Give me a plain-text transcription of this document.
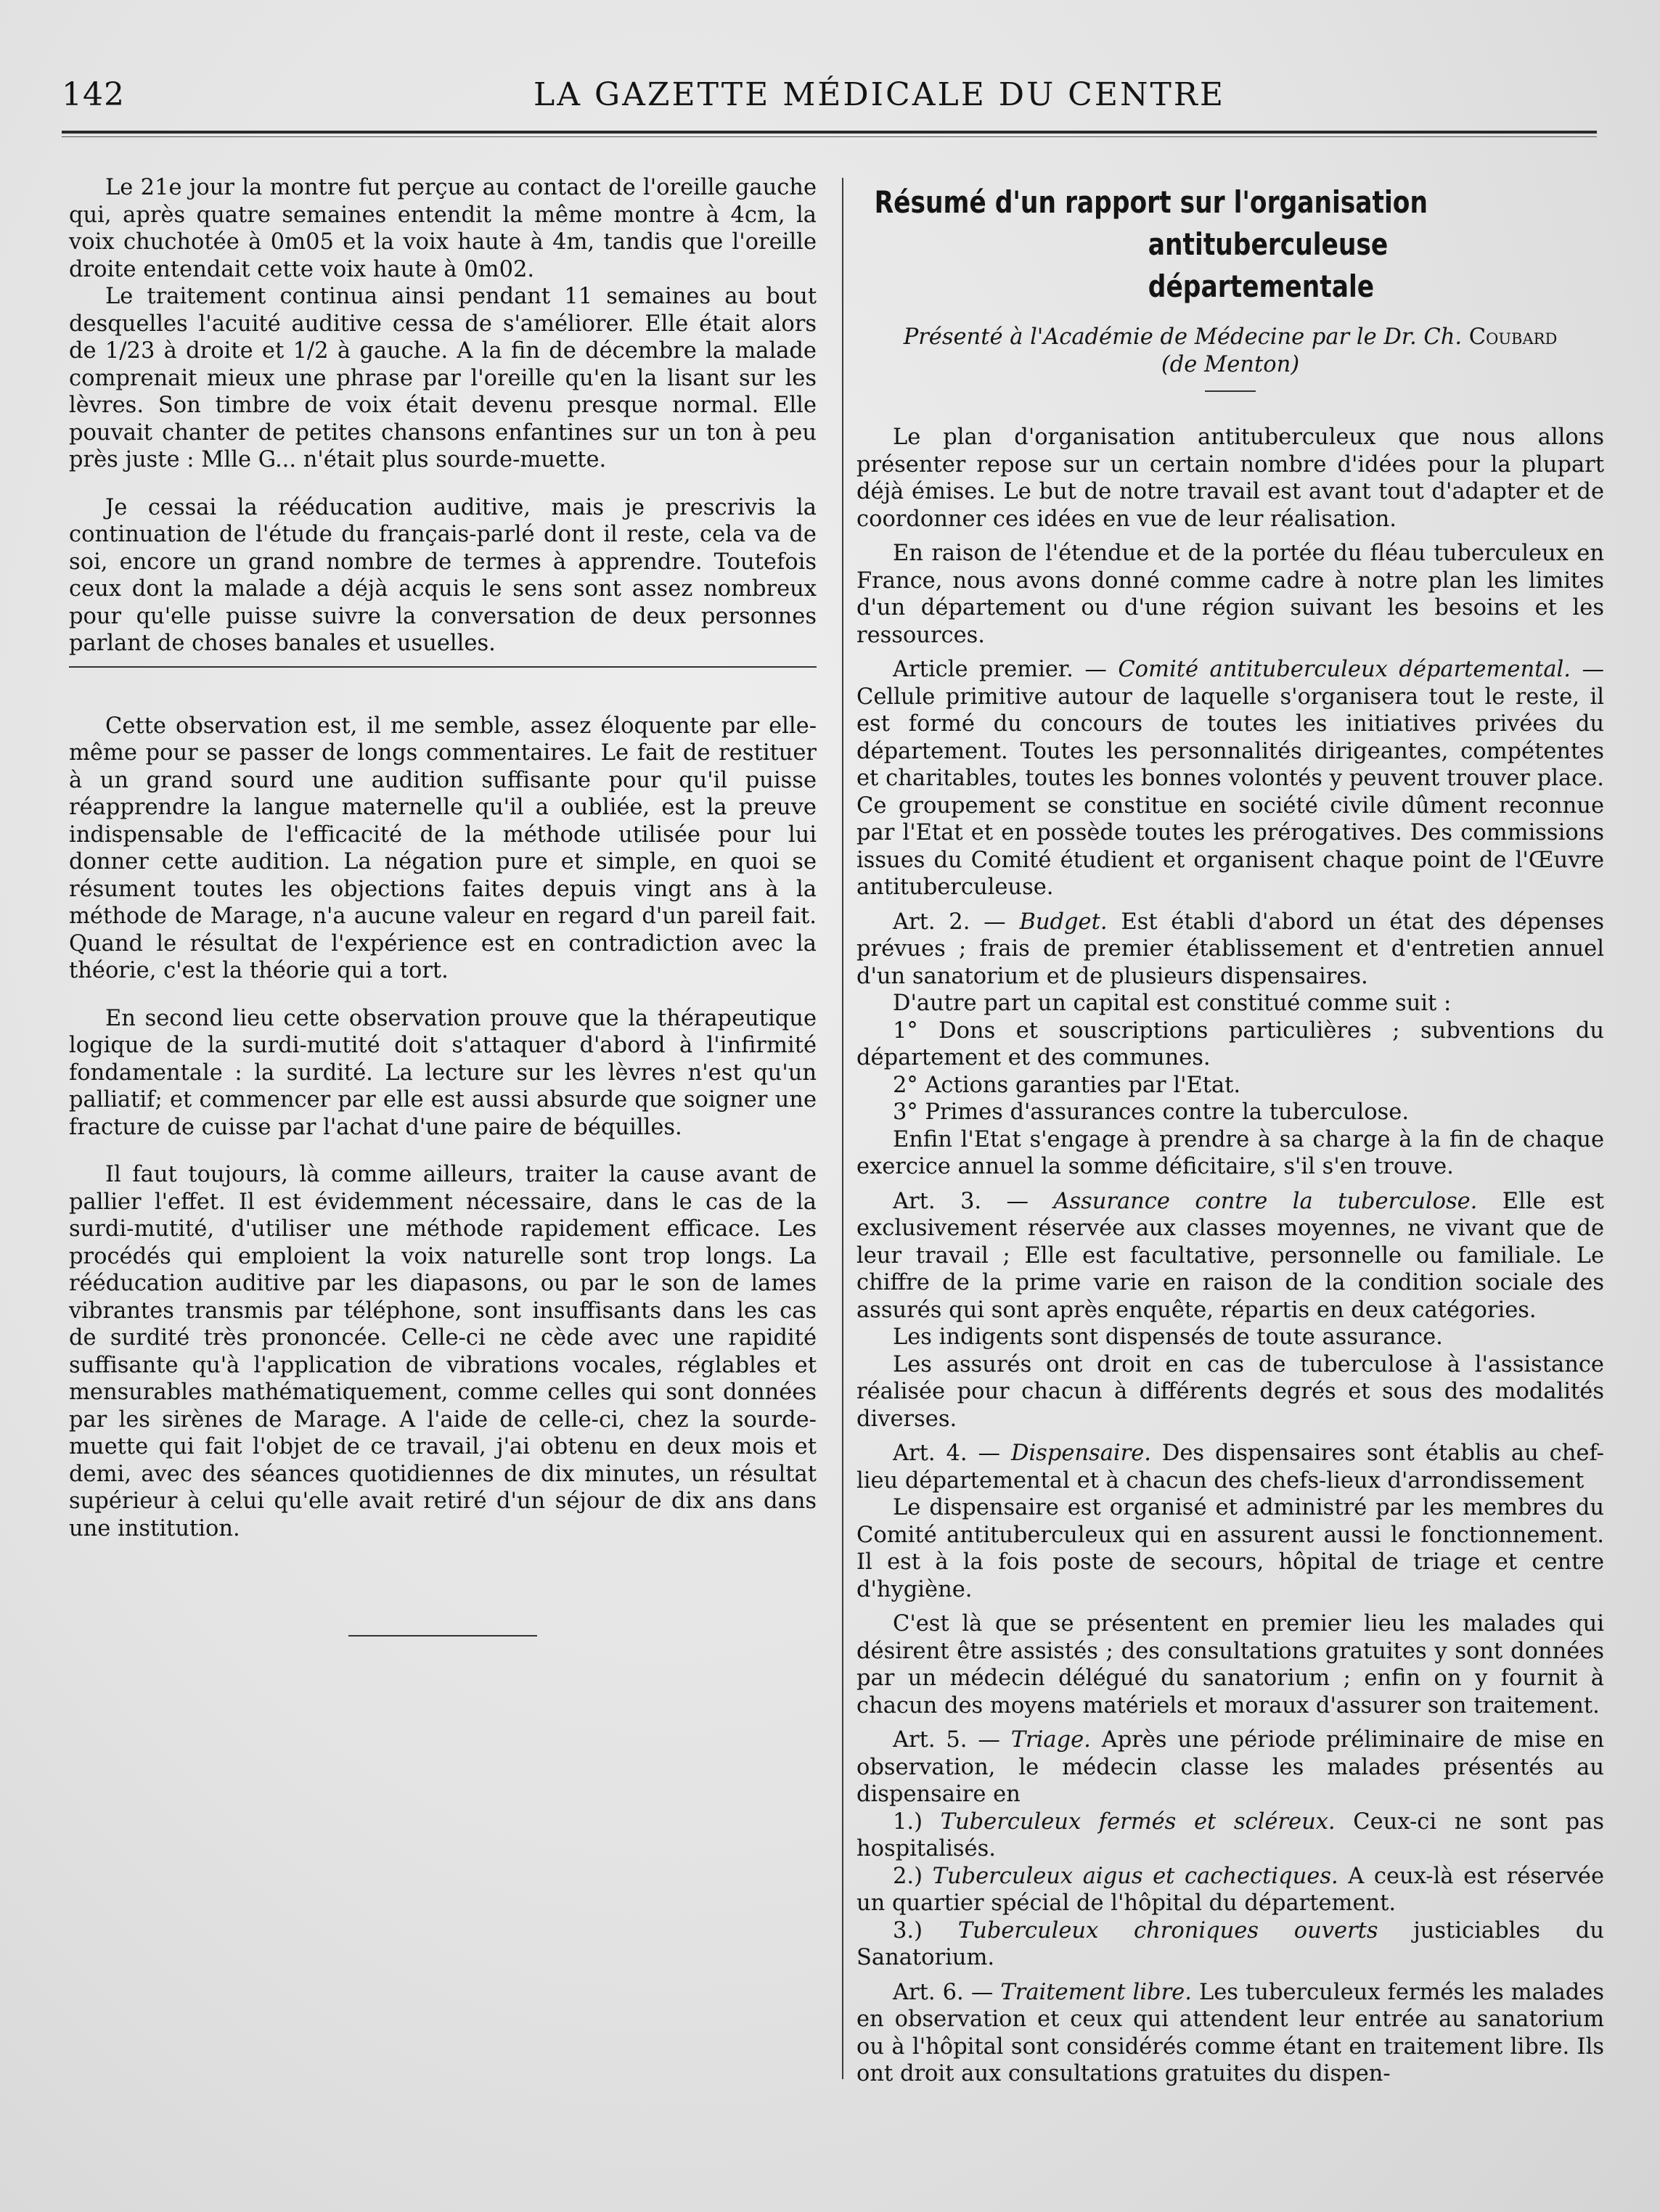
142	LA GAZETTE MÉDICALE DU CENTRE

Le 21e jour la montre fut perçue au contact de l'oreille gauche qui, après quatre semaines entendit la même montre à 4cm, la voix chuchotée à 0m05 et la voix haute à 4m, tandis que l'oreille droite entendait cette voix haute à 0m02.

Le traitement continua ainsi pendant 11 semaines au bout desquelles l'acuité auditive cessa de s'améliorer. Elle était alors de 1/23 à droite et 1/2 à gauche. A la fin de décembre la malade comprenait mieux une phrase par l'oreille qu'en la lisant sur les lèvres. Son timbre de voix était devenu presque normal. Elle pouvait chanter de petites chansons enfantines sur un ton à peu près juste : Mlle G... n'était plus sourde-muette.

Je cessai la rééducation auditive, mais je prescrivis la continuation de l'étude du français-parlé dont il reste, cela va de soi, encore un grand nombre de termes à apprendre. Toutefois ceux dont la malade a déjà acquis le sens sont assez nombreux pour qu'elle puisse suivre la conversation de deux personnes parlant de choses banales et usuelles.

Cette observation est, il me semble, assez éloquente par elle-même pour se passer de longs commentaires. Le fait de restituer à un grand sourd une audition suffisante pour qu'il puisse réapprendre la langue maternelle qu'il a oubliée, est la preuve indispensable de l'efficacité de la méthode utilisée pour lui donner cette audition. La négation pure et simple, en quoi se résument toutes les objections faites depuis vingt ans à la méthode de Marage, n'a aucune valeur en regard d'un pareil fait. Quand le résultat de l'expérience est en contradiction avec la théorie, c'est la théorie qui a tort.

En second lieu cette observation prouve que la thérapeutique logique de la surdi-mutité doit s'attaquer d'abord à l'infirmité fondamentale : la surdité. La lecture sur les lèvres n'est qu'un palliatif; et commencer par elle est aussi absurde que soigner une fracture de cuisse par l'achat d'une paire de béquilles.

Il faut toujours, là comme ailleurs, traiter la cause avant de pallier l'effet. Il est évidemment nécessaire, dans le cas de la surdi-mutité, d'utiliser une méthode rapidement efficace. Les procédés qui emploient la voix naturelle sont trop longs. La rééducation auditive par les diapasons, ou par le son de lames vibrantes transmis par téléphone, sont insuffisants dans les cas de surdité très prononcée. Celle-ci ne cède avec une rapidité suffisante qu'à l'application de vibrations vocales, réglables et mensurables mathématiquement, comme celles qui sont données par les sirènes de Marage. A l'aide de celle-ci, chez la sourde-muette qui fait l'objet de ce travail, j'ai obtenu en deux mois et demi, avec des séances quotidiennes de dix minutes, un résultat supérieur à celui qu'elle avait retiré d'un séjour de dix ans dans une institution.

Résumé d'un rapport sur l'organisation
antituberculeuse départementale
Présenté à l'Académie de Médecine par le Dr. Ch. Coubard
(de Menton)

Le plan d'organisation antituberculeux que nous allons présenter repose sur un certain nombre d'idées pour la plupart déjà émises. Le but de notre travail est avant tout d'adapter et de coordonner ces idées en vue de leur réalisation.

En raison de l'étendue et de la portée du fléau tuberculeux en France, nous avons donné comme cadre à notre plan les limites d'un département ou d'une région suivant les besoins et les ressources.

Article premier. — Comité antituberculeux départemental. — Cellule primitive autour de laquelle s'organisera tout le reste, il est formé du concours de toutes les initiatives privées du département. Toutes les personnalités dirigeantes, compétentes et charitables, toutes les bonnes volontés y peuvent trouver place. Ce groupement se constitue en société civile dûment reconnue par l'Etat et en possède toutes les prérogatives. Des commissions issues du Comité étudient et organisent chaque point de l'Œuvre antituberculeuse.

Art. 2. — Budget. Est établi d'abord un état des dépenses prévues ; frais de premier établissement et d'entretien annuel d'un sanatorium et de plusieurs dispensaires.

D'autre part un capital est constitué comme suit :

1° Dons et souscriptions particulières ; subventions du département et des communes.

2° Actions garanties par l'Etat.

3° Primes d'assurances contre la tuberculose.

Enfin l'Etat s'engage à prendre à sa charge à la fin de chaque exercice annuel la somme déficitaire, s'il s'en trouve.

Art. 3. — Assurance contre la tuberculose. Elle est exclusivement réservée aux classes moyennes, ne vivant que de leur travail ; Elle est facultative, personnelle ou familiale. Le chiffre de la prime varie en raison de la condition sociale des assurés qui sont après enquête, répartis en deux catégories.

Les indigents sont dispensés de toute assurance.

Les assurés ont droit en cas de tuberculose à l'assistance réalisée pour chacun à différents degrés et sous des modalités diverses.

Art. 4. — Dispensaire. Des dispensaires sont établis au chef-lieu départemental et à chacun des chefs-lieux d'arrondissement

Le dispensaire est organisé et administré par les membres du Comité antituberculeux qui en assurent aussi le fonctionnement. Il est à la fois poste de secours, hôpital de triage et centre d'hygiène.

C'est là que se présentent en premier lieu les malades qui désirent être assistés ; des consultations gratuites y sont données par un médecin délégué du sanatorium ; enfin on y fournit à chacun des moyens matériels et moraux d'assurer son traitement.

Art. 5. — Triage. Après une période préliminaire de mise en observation, le médecin classe les malades présentés au dispensaire en

1.) Tuberculeux fermés et scléreux. Ceux-ci ne sont pas hospitalisés.

2.) Tuberculeux aigus et cachectiques. A ceux-là est réservée un quartier spécial de l'hôpital du département.

3.) Tuberculeux chroniques ouverts justiciables du Sanatorium.

Art. 6. — Traitement libre. Les tuberculeux fermés les malades en observation et ceux qui attendent leur entrée au sanatorium ou à l'hôpital sont considérés comme étant en traitement libre. Ils ont droit aux consultations gratuites du dispen-
